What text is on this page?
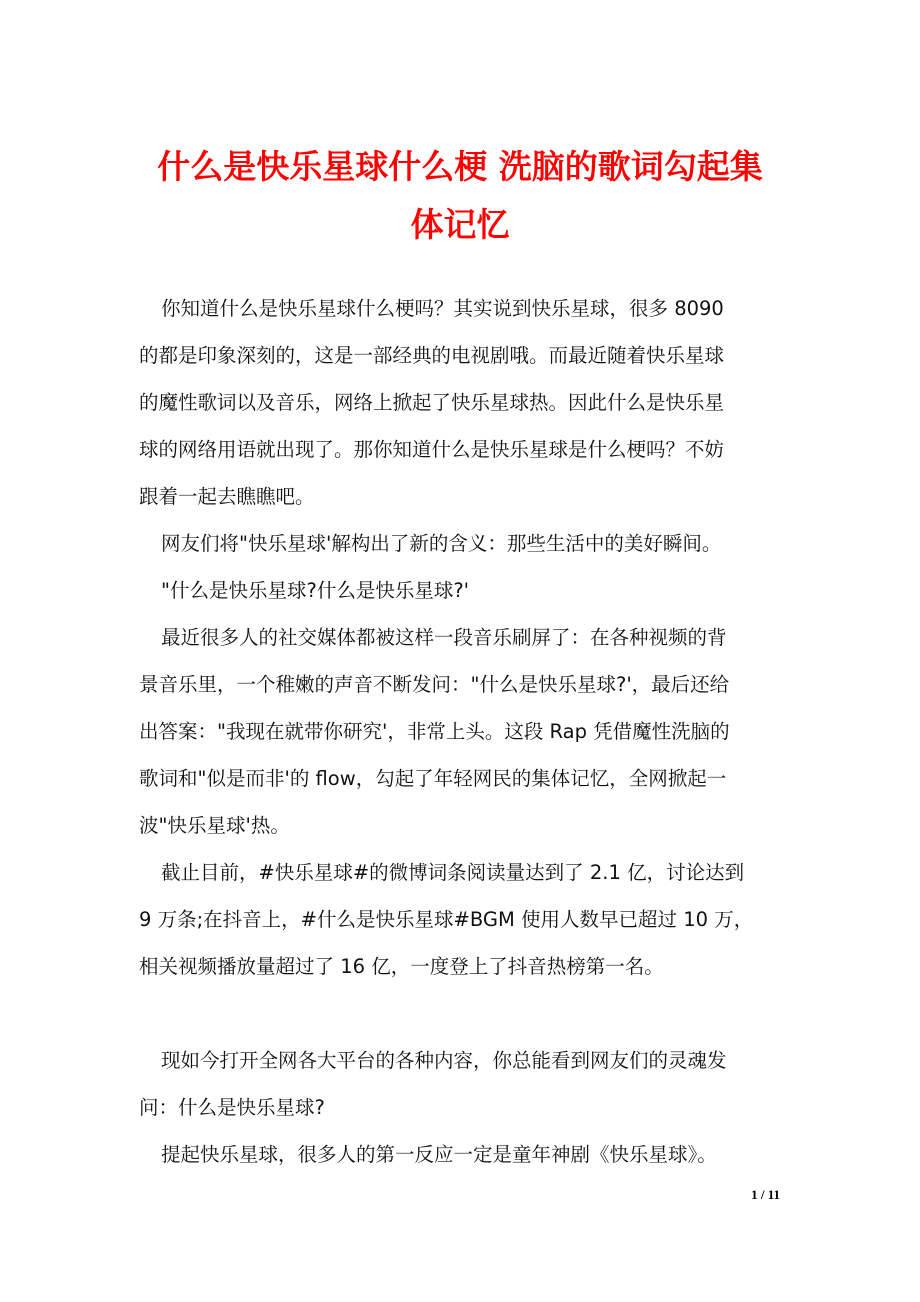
什么是快乐星球什么梗 洗脑的歌词勾起集
体记忆

你知道什么是快乐星球什么梗吗？其实说到快乐星球，很多 8090
的都是印象深刻的，这是一部经典的电视剧哦。而最近随着快乐星球
的魔性歌词以及音乐，网络上掀起了快乐星球热。因此什么是快乐星
球的网络用语就出现了。那你知道什么是快乐星球是什么梗吗？不妨
跟着一起去瞧瞧吧。

网友们将"快乐星球'解构出了新的含义：那些生活中的美好瞬间。

"什么是快乐星球?什么是快乐星球?'

最近很多人的社交媒体都被这样一段音乐刷屏了：在各种视频的背
景音乐里，一个稚嫩的声音不断发问："什么是快乐星球?'，最后还给
出答案："我现在就带你研究'，非常上头。这段 Rap 凭借魔性洗脑的
歌词和"似是而非'的 flow，勾起了年轻网民的集体记忆，全网掀起一
波"快乐星球'热。

截止目前，#快乐星球#的微博词条阅读量达到了 2.1 亿，讨论达到
9 万条;在抖音上，#什么是快乐星球#BGM 使用人数早已超过 10 万，
相关视频播放量超过了 16 亿，一度登上了抖音热榜第一名。

现如今打开全网各大平台的各种内容，你总能看到网友们的灵魂发
问：什么是快乐星球?

提起快乐星球，很多人的第一反应一定是童年神剧《快乐星球》。

1 / 11
